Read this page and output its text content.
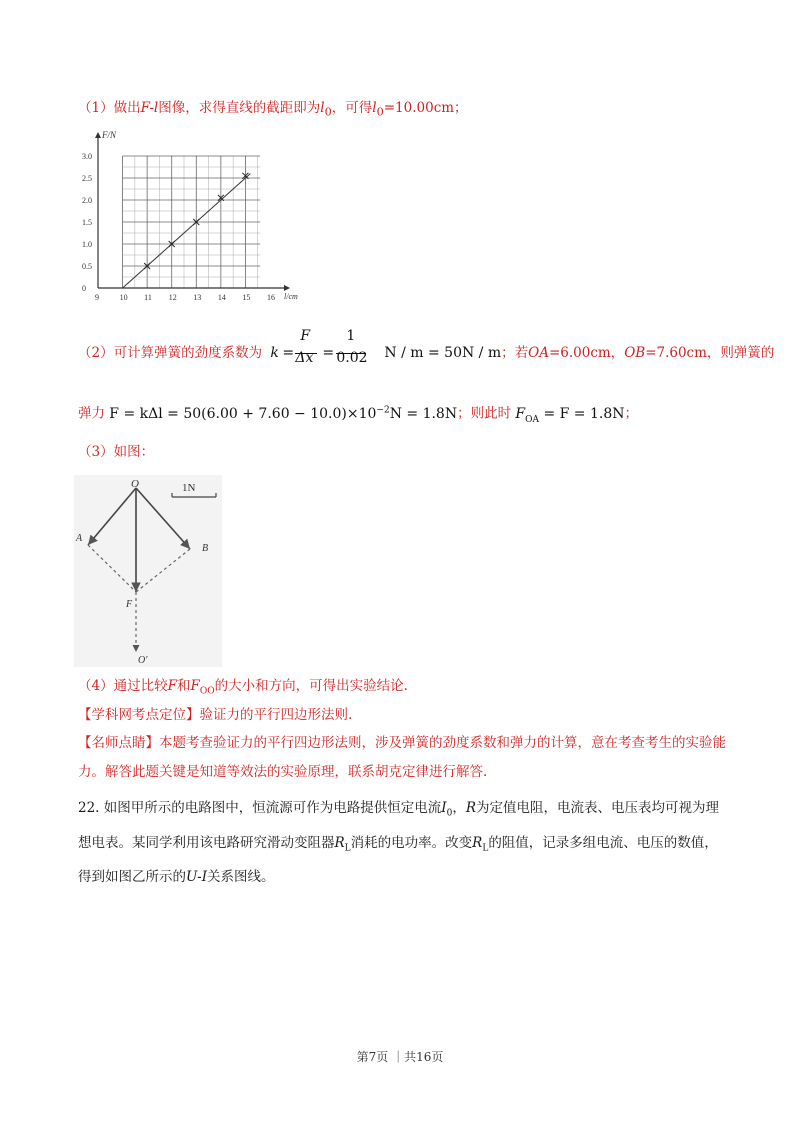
（1）做出F-l图像，求得直线的截距即为$l_0$，可得$l_0=10.00cm$；
9	10 11 12 13 14 15 16
0
0.5
1.0
1.5
2.0
2.5
3.0
F/N
l/cm
（2）可计算弹簧的劲度系数为 k =
F
Δx =
1
0.02 N / m = 50N / m；若OA=6.00cm，OB=7.60cm，则弹簧的
弹力 $F = k\Delta l = 50(6.00 + 7.60 - 10.0)\times 10^{-2}N = 1.8N$；则此时 $F_{OA} = F = 1.8N$；
（3）如图：
1N
O
A
B
F
O′
（4）通过比较F和$F_{OO}$的大小和方向，可得出实验结论.
【学科网考点定位】验证力的平行四边形法则.
【名师点睛】本题考查验证力的平行四边形法则，涉及弹簧的劲度系数和弹力的计算，意在考查考生的实验能力。解答此题关键是知道等效法的实验原理，联系胡克定律进行解答.
22. 如图甲所示的电路图中，恒流源可作为电路提供恒定电流$I_0$，R为定值电阻，电流表、电压表均可视为理想电表。某同学利用该电路研究滑动变阻器$R_L$消耗的电功率。改变$R_L$的阻值，记录多组电流、电压的数值，得到如图乙所示的U-I关系图线。
第7页 ｜共16页
